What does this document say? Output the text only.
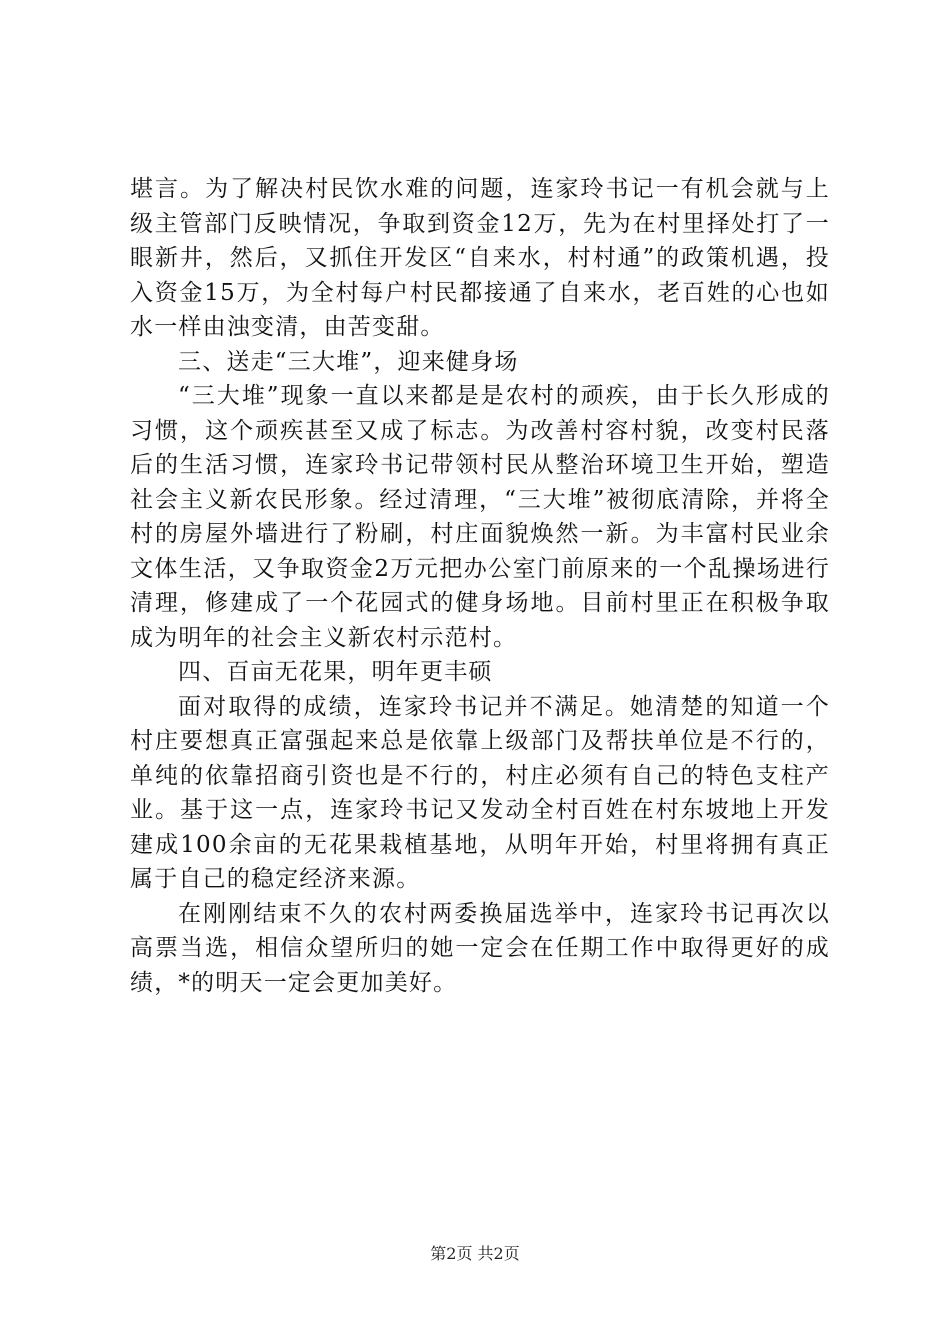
堪言。为了解决村民饮水难的问题，连家玲书记一有机会就与上级主管部门反映情况，争取到资金12万，先为在村里择处打了一眼新井，然后，又抓住开发区“自来水，村村通”的政策机遇，投入资金15万，为全村每户村民都接通了自来水，老百姓的心也如水一样由浊变清，由苦变甜。

三、送走“三大堆”，迎来健身场

“三大堆”现象一直以来都是是农村的顽疾，由于长久形成的习惯，这个顽疾甚至又成了标志。为改善村容村貌，改变村民落后的生活习惯，连家玲书记带领村民从整治环境卫生开始，塑造社会主义新农民形象。经过清理，“三大堆”被彻底清除，并将全村的房屋外墙进行了粉刷，村庄面貌焕然一新。为丰富村民业余文体生活，又争取资金2万元把办公室门前原来的一个乱操场进行清理，修建成了一个花园式的健身场地。目前村里正在积极争取成为明年的社会主义新农村示范村。

四、百亩无花果，明年更丰硕

面对取得的成绩，连家玲书记并不满足。她清楚的知道一个村庄要想真正富强起来总是依靠上级部门及帮扶单位是不行的，单纯的依靠招商引资也是不行的，村庄必须有自己的特色支柱产业。基于这一点，连家玲书记又发动全村百姓在村东坡地上开发建成100余亩的无花果栽植基地，从明年开始，村里将拥有真正属于自己的稳定经济来源。

在刚刚结束不久的农村两委换届选举中，连家玲书记再次以高票当选，相信众望所归的她一定会在任期工作中取得更好的成绩，*的明天一定会更加美好。

第2页 共2页
